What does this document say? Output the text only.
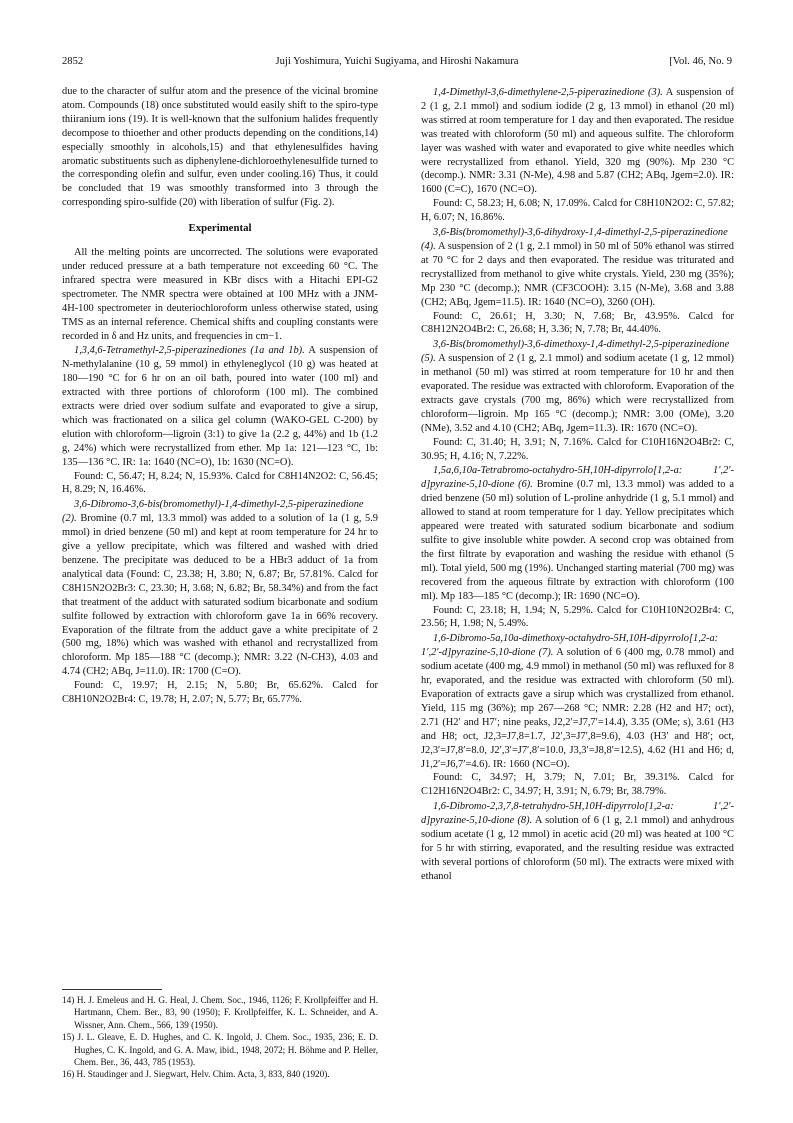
2852	Juji Yoshimura, Yuichi Sugiyama, and Hiroshi Nakamura	[Vol. 46, No. 9

due to the character of sulfur atom and the presence of the vicinal bromine atom. Compounds (18) once substituted would easily shift to the spiro-type thiiranium ions (19). It is well-known that the sulfonium halides frequently decompose to thioether and other products depending on the conditions,14) especially smoothly in alcohols,15) and that ethylenesulfides having aromatic substituents such as diphenylene-dichloroethylenesulfide turned to the corresponding olefin and sulfur, even under cooling.16) Thus, it could be concluded that 19 was smoothly transformed into 3 through the corresponding spiro-sulfide (20) with liberation of sulfur (Fig. 2).

Experimental

All the melting points are uncorrected. The solutions were evaporated under reduced pressure at a bath temperature not exceeding 60 °C. The infrared spectra were measured in KBr discs with a Hitachi EPI-G2 spectrometer. The NMR spectra were obtained at 100 MHz with a JNM-4H-100 spectrometer in deuteriochloroform unless otherwise stated, using TMS as an internal reference. Chemical shifts and coupling constants were recorded in δ and Hz units, and frequencies in cm−1.

1,3,4,6-Tetramethyl-2,5-piperazinediones (1a and 1b). A suspension of N-methylalanine (10 g, 59 mmol) in ethyleneglycol (10 g) was heated at 180—190 °C for 6 hr on an oil bath, poured into water (100 ml) and extracted with three portions of chloroform (100 ml). The combined extracts were dried over sodium sulfate and evaporated to give a sirup, which was fractionated on a silica gel column (WAKO-GEL C-200) by elution with chloroform—ligroin (3:1) to give 1a (2.2 g, 44%) and 1b (1.2 g, 24%) which were recrystallized from ether. Mp 1a: 121—123 °C, 1b: 135—136 °C. IR: 1a: 1640 (NC=O), 1b: 1630 (NC=O).

Found: C, 56.47; H, 8.24; N, 15.93%. Calcd for C8H14N2O2: C, 56.45; H, 8.29; N, 16.46%.

3,6-Dibromo-3,6-bis(bromomethyl)-1,4-dimethyl-2,5-piperazinedione (2). Bromine (0.7 ml, 13.3 mmol) was added to a solution of 1a (1 g, 5.9 mmol) in dried benzene (50 ml) and kept at room temperature for 24 hr to give a yellow precipitate, which was filtered and washed with dried benzene. The precipitate was deduced to be a HBr3 adduct of 1a from analytical data (Found: C, 23.38; H, 3.80; N, 6.87; Br, 57.81%. Calcd for C8H15N2O2Br3: C, 23.30; H, 3.68; N, 6.82; Br, 58.34%) and from the fact that treatment of the adduct with saturated sodium bicarbonate and sodium sulfite followed by extraction with chloroform gave 1a in 66% recovery. Evaporation of the filtrate from the adduct gave a white precipitate of 2 (500 mg, 18%) which was washed with ethanol and recrystallized from chloroform. Mp 185—188 °C (decomp.); NMR: 3.22 (N-CH3), 4.03 and 4.74 (CH2; ABq, J=11.0). IR: 1700 (C=O).

Found: C, 19.97; H, 2.15; N, 5.80; Br, 65.62%. Calcd for C8H10N2O2Br4: C, 19.78; H, 2.07; N, 5.77; Br, 65.77%.

14) H. J. Emeleus and H. G. Heal, J. Chem. Soc., 1946, 1126; F. Krollpfeiffer and H. Hartmann, Chem. Ber., 83, 90 (1950); F. Krollpfeiffer, K. L. Schneider, and A. Wissner, Ann. Chem., 566, 139 (1950).

15) J. L. Gleave, E. D. Hughes, and C. K. Ingold, J. Chem. Soc., 1935, 236; E. D. Hughes, C. K. Ingold, and G. A. Maw, ibid., 1948, 2072; H. Böhme and P. Heller, Chem. Ber., 36, 443, 785 (1953).

16) H. Staudinger and J. Siegwart, Helv. Chim. Acta, 3, 833, 840 (1920).

1,4-Dimethyl-3,6-dimethylene-2,5-piperazinedione (3). A suspension of 2 (1 g, 2.1 mmol) and sodium iodide (2 g, 13 mmol) in ethanol (20 ml) was stirred at room temperature for 1 day and then evaporated. The residue was treated with chloroform (50 ml) and aqueous sulfite. The chloroform layer was washed with water and evaporated to give white needles which were recrystallized from ethanol. Yield, 320 mg (90%). Mp 230 °C (decomp.). NMR: 3.31 (N-Me), 4.98 and 5.87 (CH2; ABq, Jgem=2.0). IR: 1600 (C=C), 1670 (NC=O).

Found: C, 58.23; H, 6.08; N, 17.09%. Calcd for C8H10N2O2: C, 57.82; H, 6.07; N, 16.86%.

3,6-Bis(bromomethyl)-3,6-dihydroxy-1,4-dimethyl-2,5-piperazinedione (4). A suspension of 2 (1 g, 2.1 mmol) in 50 ml of 50% ethanol was stirred at 70 °C for 2 days and then evaporated. The residue was triturated and recrystallized from methanol to give white crystals. Yield, 230 mg (35%); Mp 230 °C (decomp.); NMR (CF3COOH): 3.15 (N-Me), 3.68 and 3.88 (CH2; ABq, Jgem=11.5). IR: 1640 (NC=O), 3260 (OH).

Found: C, 26.61; H, 3.30; N, 7.68; Br, 43.95%. Calcd for C8H12N2O4Br2: C, 26.68; H, 3.36; N, 7.78; Br, 44.40%.

3,6-Bis(bromomethyl)-3,6-dimethoxy-1,4-dimethyl-2,5-piperazinedione (5). A suspension of 2 (1 g, 2.1 mmol) and sodium acetate (1 g, 12 mmol) in methanol (50 ml) was stirred at room temperature for 10 hr and then evaporated. The residue was extracted with chloroform. Evaporation of the extracts gave crystals (700 mg, 86%) which were recrystallized from chloroform—ligroin. Mp 165 °C (decomp.); NMR: 3.00 (OMe), 3.20 (NMe), 3.52 and 4.10 (CH2; ABq, Jgem=11.3). IR: 1670 (NC=O).

Found: C, 31.40; H, 3.91; N, 7.16%. Calcd for C10H16N2O4Br2: C, 30.95; H, 4.16; N, 7.22%.

1,5a,6,10a-Tetrabromo-octahydro-5H,10H-dipyrrolo[1,2-a: 1′,2′-d]pyrazine-5,10-dione (6). Bromine (0.7 ml, 13.3 mmol) was added to a dried benzene (50 ml) solution of L-proline anhydride (1 g, 5.1 mmol) and allowed to stand at room temperature for 1 day. Yellow precipitates which appeared were treated with saturated sodium bicarbonate and sodium sulfite to give insoluble white powder. A second crop was obtained from the first filtrate by evaporation and washing the residue with ethanol (5 ml). Total yield, 500 mg (19%). Unchanged starting material (700 mg) was recovered from the aqueous filtrate by extraction with chloroform (100 ml). Mp 183—185 °C (decomp.); IR: 1690 (NC=O).

Found: C, 23.18; H, 1.94; N, 5.29%. Calcd for C10H10N2O2Br4: C, 23.56; H, 1.98; N, 5.49%.

1,6-Dibromo-5a,10a-dimethoxy-octahydro-5H,10H-dipyrrolo[1,2-a: 1′,2′-d]pyrazine-5,10-dione (7). A solution of 6 (400 mg, 0.78 mmol) and sodium acetate (400 mg, 4.9 mmol) in methanol (50 ml) was refluxed for 8 hr, evaporated, and the residue was extracted with chloroform (50 ml). Evaporation of extracts gave a sirup which was crystallized from ethanol. Yield, 115 mg (36%); mp 267—268 °C; NMR: 2.28 (H2 and H7; oct), 2.71 (H2′ and H7′; nine peaks, J2,2′=J7,7′=14.4), 3.35 (OMe; s), 3.61 (H3 and H8; oct, J2,3=J7,8=1.7, J2′,3=J7′,8=9.6), 4.03 (H3′ and H8′; oct, J2,3′=J7,8′=8.0, J2′,3′=J7′,8′=10.0, J3,3′=J8,8′=12.5), 4.62 (H1 and H6; d, J1,2′=J6,7′=4.6). IR: 1660 (NC=O).

Found: C, 34.97; H, 3.79; N, 7.01; Br, 39.31%. Calcd for C12H16N2O4Br2: C, 34.97; H, 3.91; N, 6.79; Br, 38.79%.

1,6-Dibromo-2,3,7,8-tetrahydro-5H,10H-dipyrrolo[1,2-a: 1′,2′-d]pyrazine-5,10-dione (8). A solution of 6 (1 g, 2.1 mmol) and anhydrous sodium acetate (1 g, 12 mmol) in acetic acid (20 ml) was heated at 100 °C for 5 hr with stirring, evaporated, and the resulting residue was extracted with several portions of chloroform (50 ml). The extracts were mixed with ethanol
